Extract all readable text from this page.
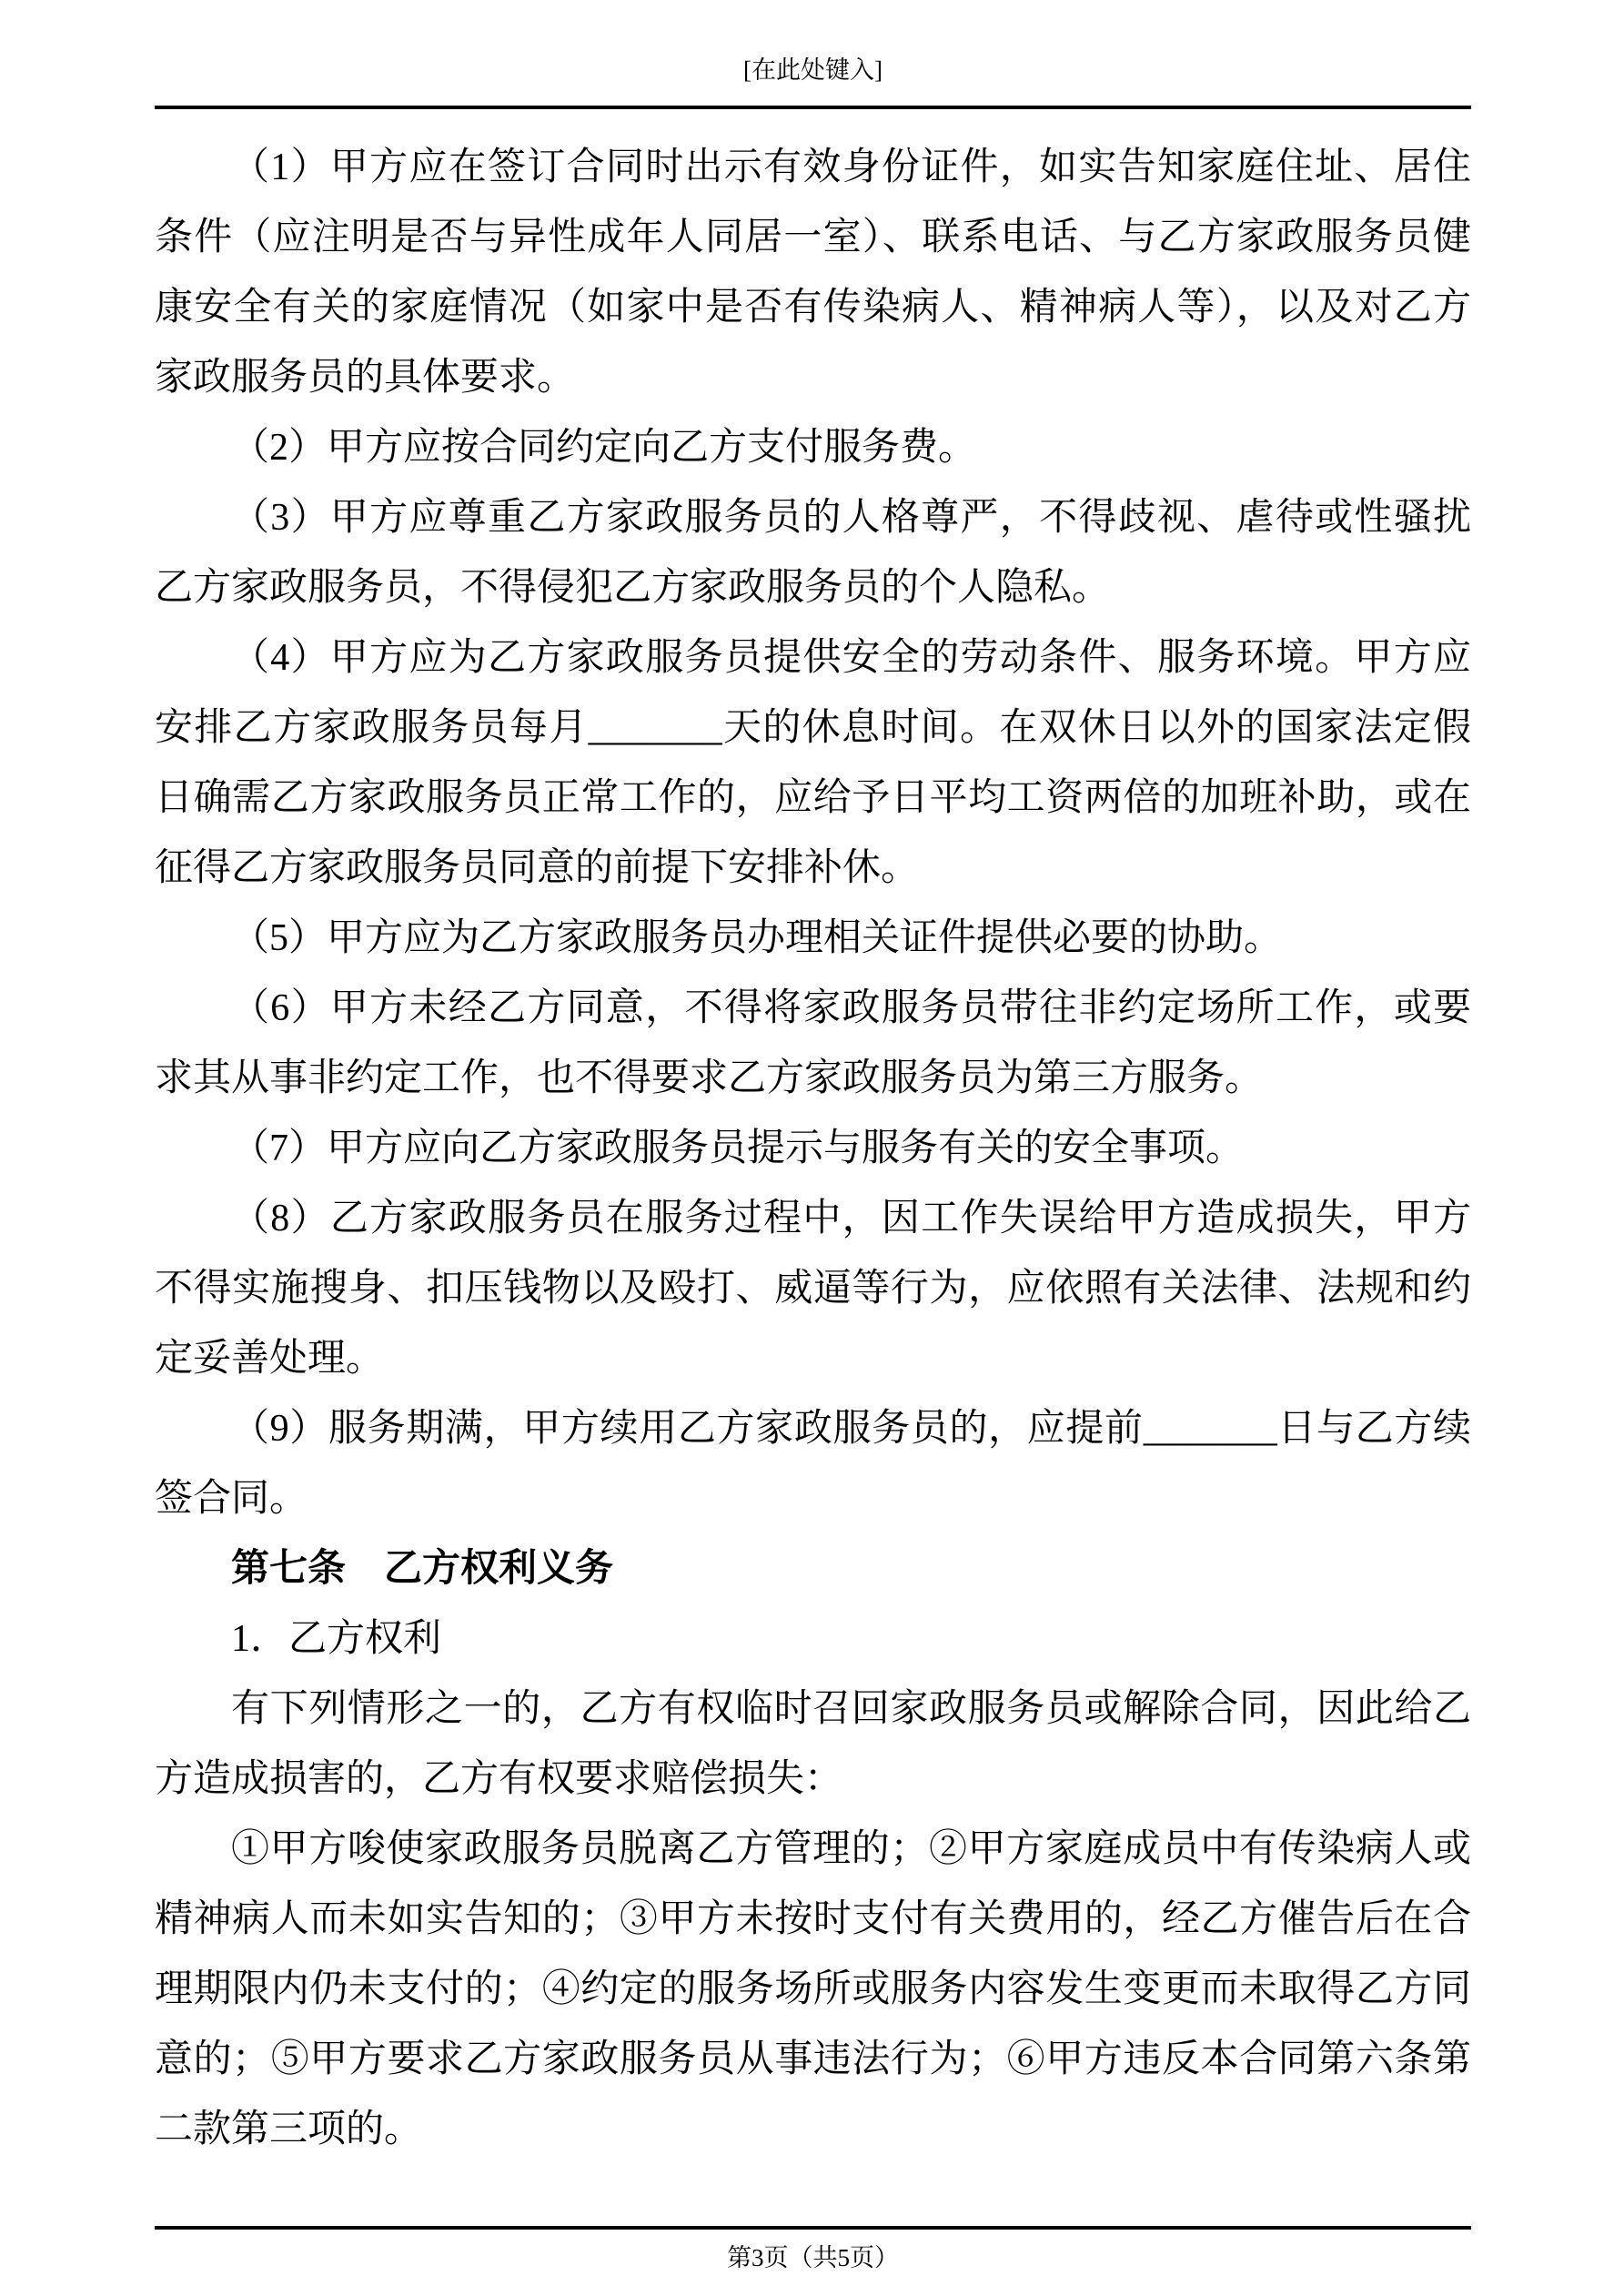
[在此处键入]

（1）甲方应在签订合同时出示有效身份证件，如实告知家庭住址、居住条件（应注明是否与异性成年人同居一室）、联系电话、与乙方家政服务员健康安全有关的家庭情况（如家中是否有传染病人、精神病人等），以及对乙方家政服务员的具体要求。

（2）甲方应按合同约定向乙方支付服务费。

（3）甲方应尊重乙方家政服务员的人格尊严，不得歧视、虐待或性骚扰乙方家政服务员，不得侵犯乙方家政服务员的个人隐私。

（4）甲方应为乙方家政服务员提供安全的劳动条件、服务环境。甲方应安排乙方家政服务员每月_______天的休息时间。在双休日以外的国家法定假日确需乙方家政服务员正常工作的，应给予日平均工资两倍的加班补助，或在征得乙方家政服务员同意的前提下安排补休。

（5）甲方应为乙方家政服务员办理相关证件提供必要的协助。

（6）甲方未经乙方同意，不得将家政服务员带往非约定场所工作，或要求其从事非约定工作，也不得要求乙方家政服务员为第三方服务。

（7）甲方应向乙方家政服务员提示与服务有关的安全事项。

（8）乙方家政服务员在服务过程中，因工作失误给甲方造成损失，甲方不得实施搜身、扣压钱物以及殴打、威逼等行为，应依照有关法律、法规和约定妥善处理。

（9）服务期满，甲方续用乙方家政服务员的，应提前_______日与乙方续签合同。

第七条　乙方权利义务

1．乙方权利

有下列情形之一的，乙方有权临时召回家政服务员或解除合同，因此给乙方造成损害的，乙方有权要求赔偿损失：

①甲方唆使家政服务员脱离乙方管理的；②甲方家庭成员中有传染病人或精神病人而未如实告知的；③甲方未按时支付有关费用的，经乙方催告后在合理期限内仍未支付的；④约定的服务场所或服务内容发生变更而未取得乙方同意的；⑤甲方要求乙方家政服务员从事违法行为；⑥甲方违反本合同第六条第二款第三项的。

第3页（共5页）
